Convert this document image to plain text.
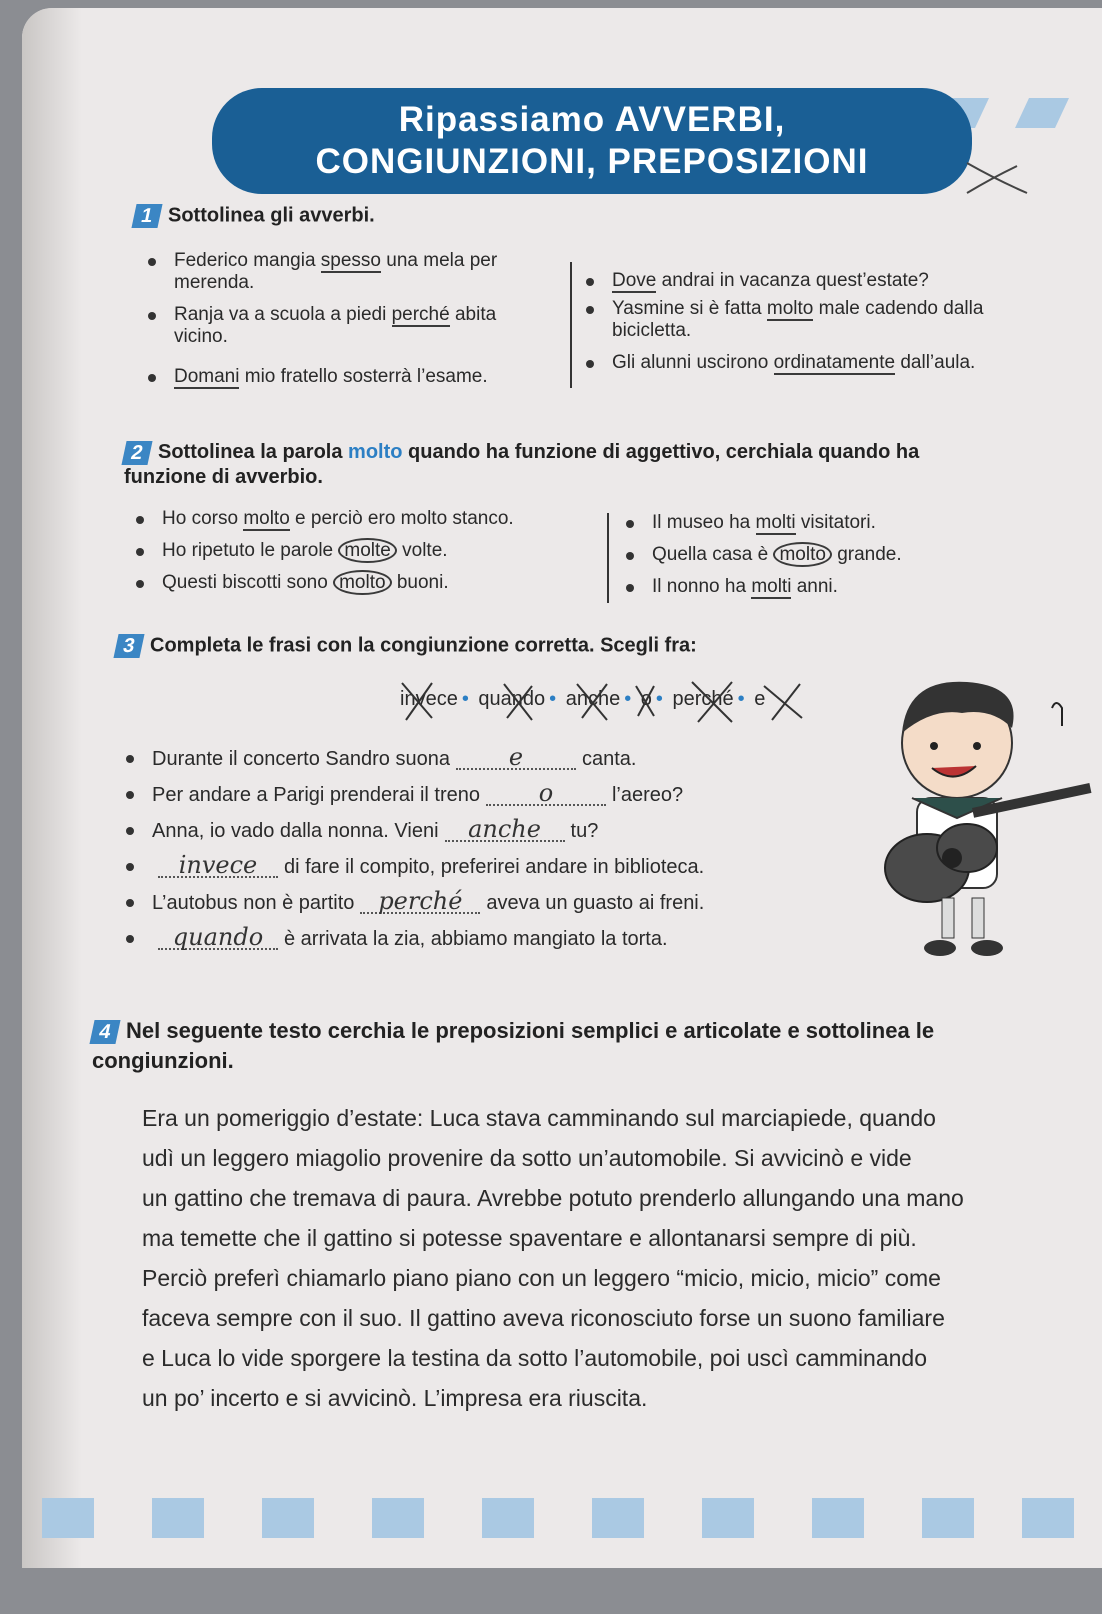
Ripassiamo AVVERBI,
CONGIUNZIONI, PREPOSIZIONI
1 Sottolinea gli avverbi.
Federico mangia spesso una mela per merenda.
Ranja va a scuola a piedi perché abita vicino.
Domani mio fratello sosterrà l’esame.
Dove andrai in vacanza quest’estate?
Yasmine si è fatta molto male cadendo dalla bicicletta.
Gli alunni uscirono ordinatamente dall’aula.
2 Sottolinea la parola molto quando ha funzione di aggettivo, cerchiala quando ha funzione di avverbio.
Ho corso molto e perciò ero molto stanco.
Ho ripetuto le parole molte volte.
Questi biscotti sono molto buoni.
Il museo ha molti visitatori.
Quella casa è molto grande.
Il nonno ha molti anni.
3 Completa le frasi con la congiunzione corretta. Scegli fra:
invece • quando • anche • o • perché • e
Durante il concerto Sandro suona e	canta.
Per andare a Parigi prenderai il treno o	l’aereo?
Anna, io vado dalla nonna. Vieni anche tu?
invece di fare il compito, preferirei andare in biblioteca.
L’autobus non è partito perché aveva un guasto ai freni.
quando è arrivata la zia, abbiamo mangiato la torta.
4 Nel seguente testo cerchia le preposizioni semplici e articolate e sottolinea le congiunzioni.

Era un pomeriggio d’estate: Luca stava camminando sul marciapiede, quando

udì un leggero miagolio provenire da sotto un’automobile. Si avvicinò e vide

un gattino che tremava di paura. Avrebbe potuto prenderlo allungando una mano

ma temette che il gattino si potesse spaventare e allontanarsi sempre di più.

Perciò preferì chiamarlo piano piano con un leggero “micio, micio, micio” come

faceva sempre con il suo. Il gattino aveva riconosciuto forse un suono familiare

e Luca lo vide sporgere la testina da sotto l’automobile, poi uscì camminando

un po’ incerto e si avvicinò. L’impresa era riuscita.
